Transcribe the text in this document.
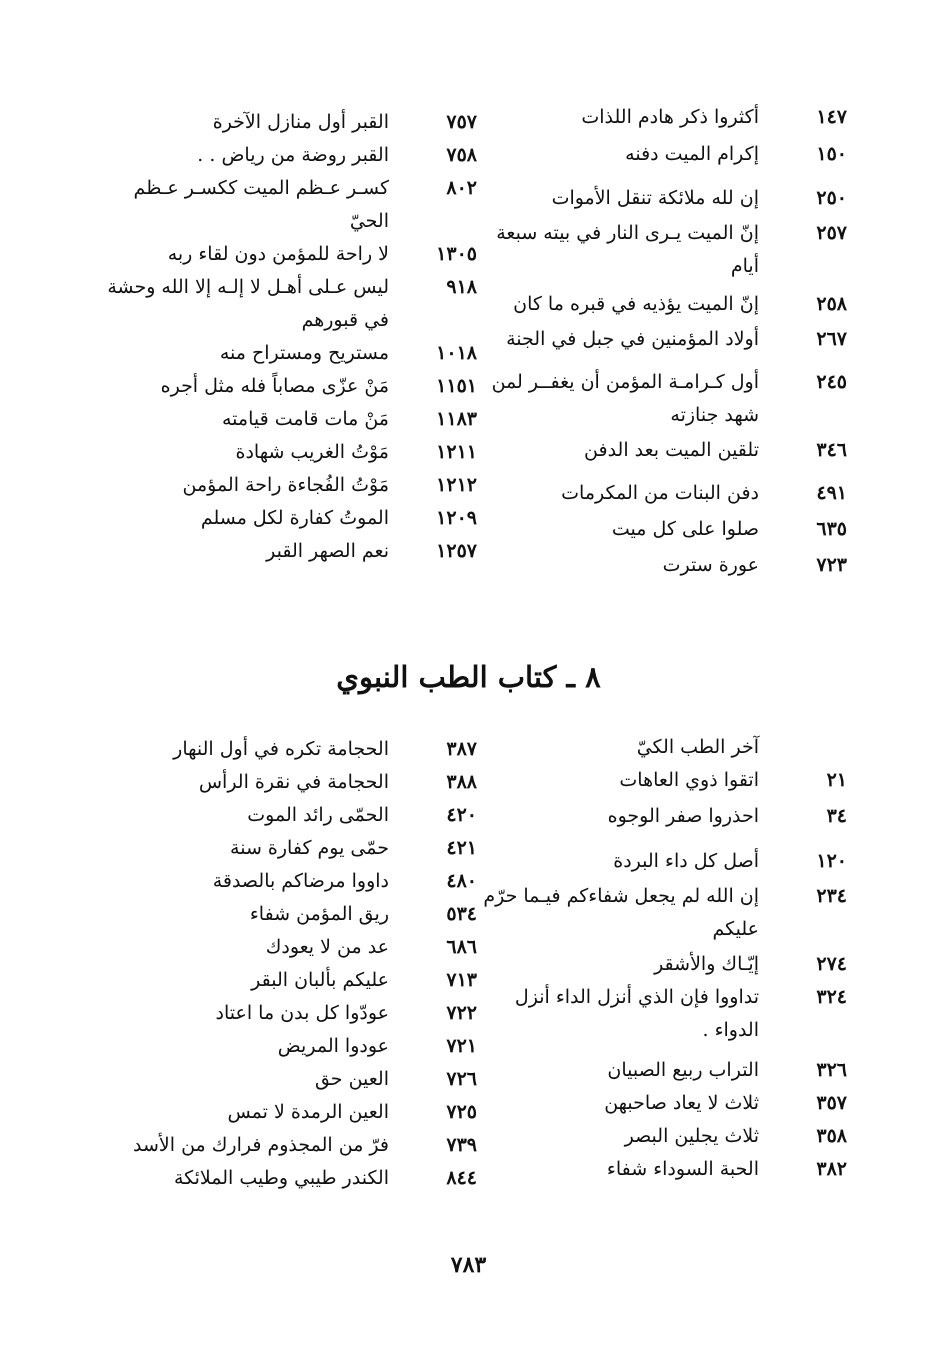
١٤٧
أكثروا ذكر هادم اللذات
١٥٠
إكرام الميت دفنه
٢٥٠
إن لله ملائكة تنقل الأموات
٢٥٧
إنّ الميت يـرى النار في بيته سبعة أيام
٢٥٨
إنّ الميت يؤذيه في قبره ما كان
٢٦٧
أولاد المؤمنين في جبل في الجنة
٢٤٥
أول كـرامـة المؤمن أن يغفــر لمن شهد جنازته
٣٤٦
تلقين الميت بعد الدفن
٤٩١
دفن البنات من المكرمات
٦٣٥
صلوا على كل ميت
٧٢٣
عورة سترت
٧٥٧
القبر أول منازل الآخرة
٧٥٨
القبر روضة من رياض . .
٨٠٢
كسـر عـظم الميت ككسـر عـظم الحيّ
١٣٠٥
لا راحة للمؤمن دون لقاء ربه
٩١٨
ليس عـلى أهـل لا إلـه إلا الله وحشة في قبورهم
١٠١٨
مستريح ومستراح منه
١١٥١
مَنْ عزّى مصاباً فله مثل أجره
١١٨٣
مَنْ مات قامت قيامته
١٢١١
مَوْتُ الغريب شهادة
١٢١٢
مَوْتُ الفُجاءة راحة المؤمن
١٢٠٩
الموتُ كفارة لكل مسلم
١٢٥٧
نعم الصهر القبر
٨ ـ كتاب الطب النبوي
آخر الطب الكيّ
٢١
اتقوا ذوي العاهات
٣٤
احذروا صفر الوجوه
١٢٠
أصل كل داء البردة
٢٣٤
إن الله لم يجعل شفاءكم فيـما حرّم عليكم
٢٧٤
إيّـاك والأشقر
٣٢٤
تداووا فإن الذي أنزل الداء أنزل الدواء .
٣٢٦
التراب ربيع الصبيان
٣٥٧
ثلاث لا يعاد صاحبهن
٣٥٨
ثلاث يجلين البصر
٣٨٢
الحبة السوداء شفاء
٣٨٧
الحجامة تكره في أول النهار
٣٨٨
الحجامة في نقرة الرأس
٤٢٠
الحمّى رائد الموت
٤٢١
حمّى يوم كفارة سنة
٤٨٠
داووا مرضاكم بالصدقة
٥٣٤
ريق المؤمن شفاء
٦٨٦
عد من لا يعودك
٧١٣
عليكم بألبان البقر
٧٢٢
عودّوا كل بدن ما اعتاد
٧٢١
عودوا المريض
٧٢٦
العين حق
٧٢٥
العين الرمدة لا تمس
٧٣٩
فرّ من المجذوم فرارك من الأسد
٨٤٤
الكندر طيبي وطيب الملائكة
٧٨٣
